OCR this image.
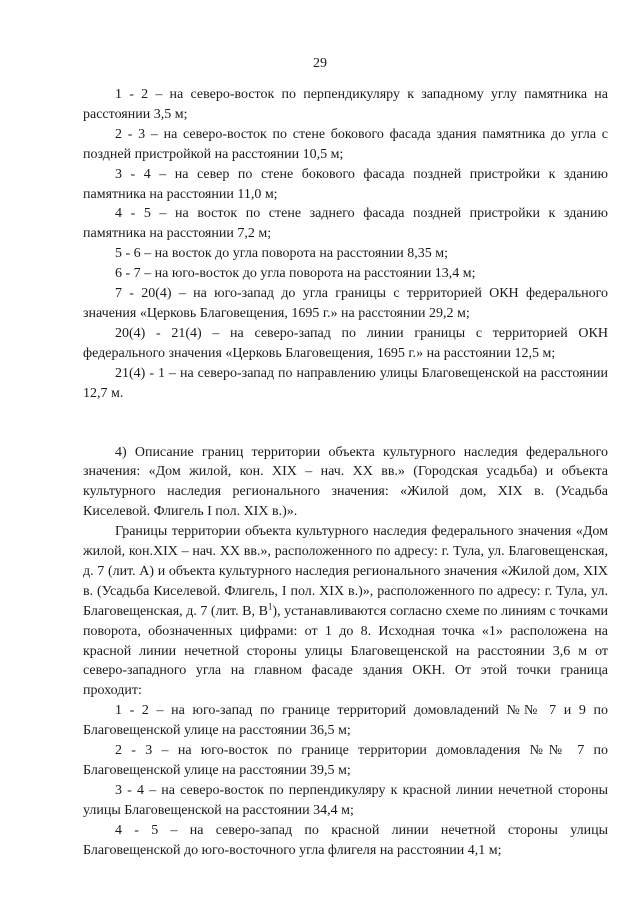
29

1 - 2 – на северо-восток по перпендикуляру к западному углу памятника на расстоянии 3,5 м;

2 - 3 – на северо-восток по стене бокового фасада здания памятника до угла с поздней пристройкой на расстоянии 10,5 м;

3 - 4 – на север по стене бокового фасада поздней пристройки к зданию памятника на расстоянии 11,0 м;

4 - 5 – на восток по стене заднего фасада поздней пристройки к зданию памятника на расстоянии 7,2 м;

5 - 6 – на восток до угла поворота на расстоянии 8,35 м;

6 - 7 – на юго-восток до угла поворота на расстоянии 13,4 м;

7 - 20(4) – на юго-запад до угла границы с территорией ОКН федерального значения «Церковь Благовещения, 1695 г.» на расстоянии 29,2 м;

20(4) - 21(4) – на северо-запад по линии границы с территорией ОКН федерального значения «Церковь Благовещения, 1695 г.» на расстоянии 12,5 м;

21(4) - 1 – на северо-запад по направлению улицы Благовещенской на расстоянии 12,7 м.

4) Описание границ территории объекта культурного наследия федерального значения: «Дом жилой, кон. XIX – нач. XX вв.» (Городская усадьба) и объекта культурного наследия регионального значения: «Жилой дом, XIX в. (Усадьба Киселевой. Флигель I пол. XIX в.)».

Границы территории объекта культурного наследия федерального значения «Дом жилой, кон.XIX – нач. XX вв.», расположенного по адресу: г. Тула, ул. Благовещенская, д. 7 (лит. А) и объекта культурного наследия регионального значения «Жилой дом, XIX в. (Усадьба Киселевой. Флигель, I пол. XIX в.)», расположенного по адресу: г. Тула, ул. Благовещенская, д. 7 (лит. В, $В^1$), устанавливаются согласно схеме по линиям с точками поворота, обозначенных цифрами: от 1 до 8. Исходная точка «1» расположена на красной линии нечетной стороны улицы Благовещенской на расстоянии 3,6 м от северо-западного угла на главном фасаде здания ОКН. От этой точки граница проходит:

1 - 2 – на юго-запад по границе территорий домовладений №№ 7 и 9 по Благовещенской улице на расстоянии 36,5 м;

2 - 3 – на юго-восток по границе территории домовладения №№ 7 по Благовещенской улице на расстоянии 39,5 м;

3 - 4 – на северо-восток по перпендикуляру к красной линии нечетной стороны улицы Благовещенской на расстоянии 34,4 м;

4 - 5 – на северо-запад по красной линии нечетной стороны улицы Благовещенской до юго-восточного угла флигеля на расстоянии 4,1 м;
